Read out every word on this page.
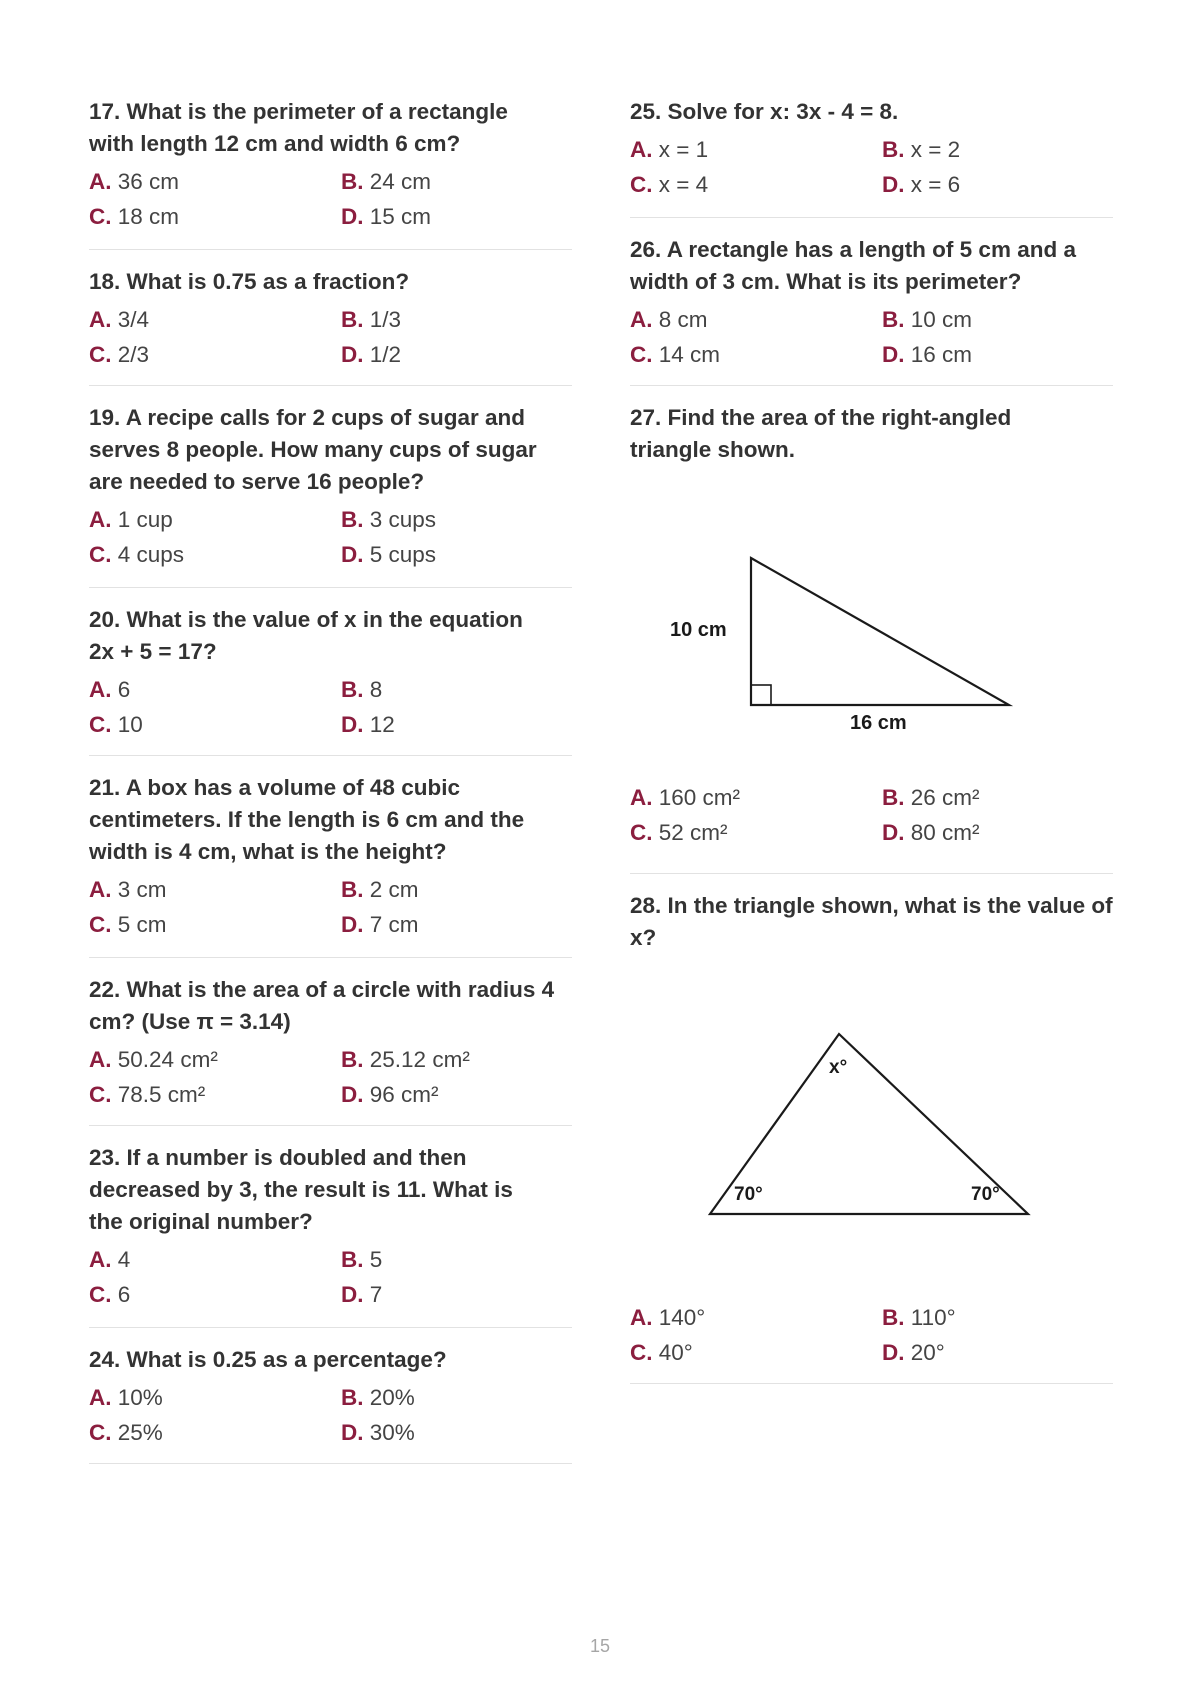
17. What is the perimeter of a rectangle with length 12 cm and width 6 cm?
A. 36 cm	B. 24 cm
C. 18 cm	D. 15 cm
18. What is 0.75 as a fraction?
A. 3/4	B. 1/3
C. 2/3	D. 1/2
19. A recipe calls for 2 cups of sugar and serves 8 people. How many cups of sugar are needed to serve 16 people?
A. 1 cup	B. 3 cups
C. 4 cups	D. 5 cups
20. What is the value of x in the equation 2x + 5 = 17?
A. 6	B. 8
C. 10	D. 12
21. A box has a volume of 48 cubic centimeters. If the length is 6 cm and the width is 4 cm, what is the height?
A. 3 cm	B. 2 cm
C. 5 cm	D. 7 cm
22. What is the area of a circle with radius 4 cm? (Use π = 3.14)
A. 50.24 cm²	B. 25.12 cm²
C. 78.5 cm²	D. 96 cm²
23. If a number is doubled and then decreased by 3, the result is 11. What is the original number?
A. 4	B. 5
C. 6	D. 7
24. What is 0.25 as a percentage?
A. 10%	B. 20%
C. 25%	D. 30%
25. Solve for x: 3x - 4 = 8.
A. x = 1	B. x = 2
C. x = 4	D. x = 6
26. A rectangle has a length of 5 cm and a width of 3 cm. What is its perimeter?
A. 8 cm	B. 10 cm
C. 14 cm	D. 16 cm
27. Find the area of the right-angled triangle shown.
10 cm
16 cm
A. 160 cm²	B. 26 cm²
C. 52 cm²	D. 80 cm²
28. In the triangle shown, what is the value of x?
x°
70°	70°
A. 140°	B. 110°
C. 40°	D. 20°
15
